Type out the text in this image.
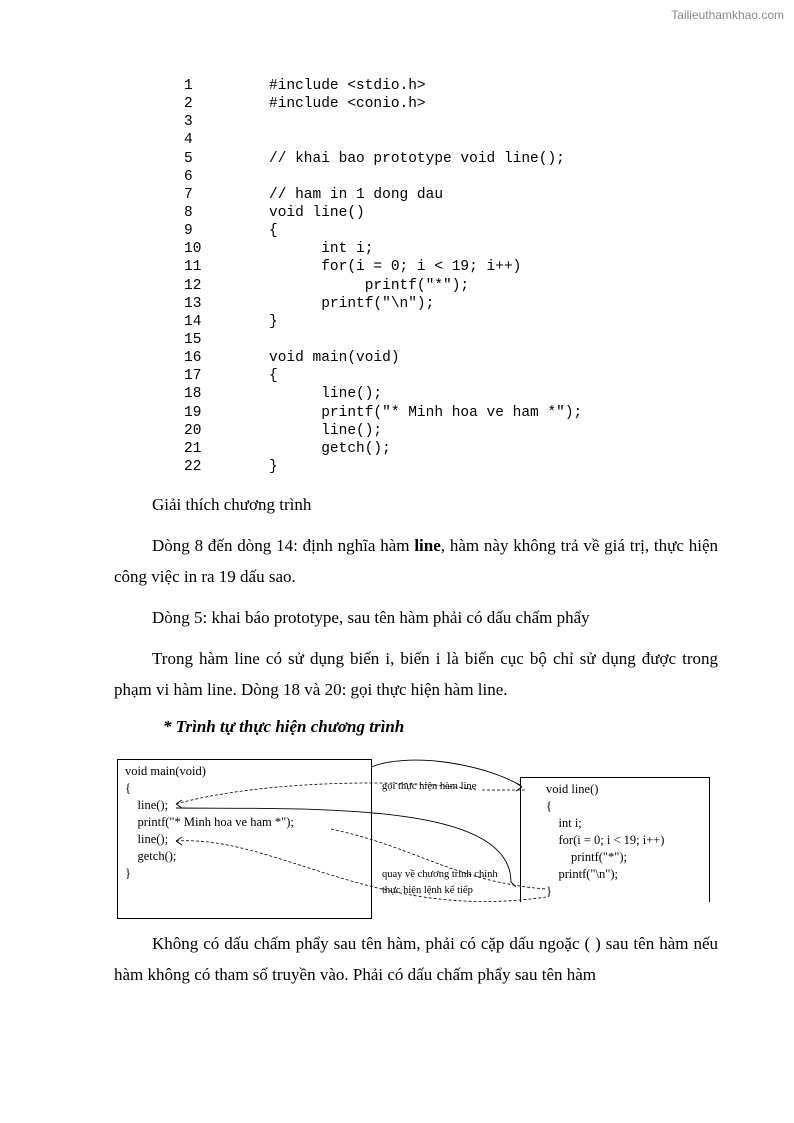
Tailieuthamkhao.com
1	#include <stdio.h>
2	#include <conio.h>
3
4
5	// khai bao prototype void line();
6
7	// ham in 1 dong dau
8	void line()
9	{
10	int i;
11	for(i = 0; i < 19; i++)
12	printf("*");
13	printf("\n");
14	}
15
16	void main(void)
17	{
18	line();
19	printf("* Minh hoa ve ham *");
20	line();
21	getch();
22	}

Giải thích chương trình

Dòng 8 đến dòng 14: định nghĩa hàm line, hàm này không trả về giá trị, thực hiện công việc in ra 19 dấu sao.

Dòng 5: khai báo prototype, sau tên hàm phải có dấu chấm phẩy

Trong hàm line có sử dụng biến i, biến i là biến cục bộ chỉ sử dụng được trong phạm vi hàm line. Dòng 18 và 20: gọi thực hiện hàm line.

* Trình tự thực hiện chương trình

void main(void)
{
line();
printf("* Minh hoa ve ham *");
line();
getch();
}
void line()
{
int i;
for(i = 0; i < 19; i++)
printf("*");
printf("\n");
}
gọi thực hiện hàm line
quay về chương trình chính
thực hiện lệnh kế tiếp

Không có dấu chấm phẩy sau tên hàm, phải có cặp dấu ngoặc ( ) sau tên hàm nếu hàm không có tham số truyền vào. Phải có dấu chấm phẩy sau tên hàm
